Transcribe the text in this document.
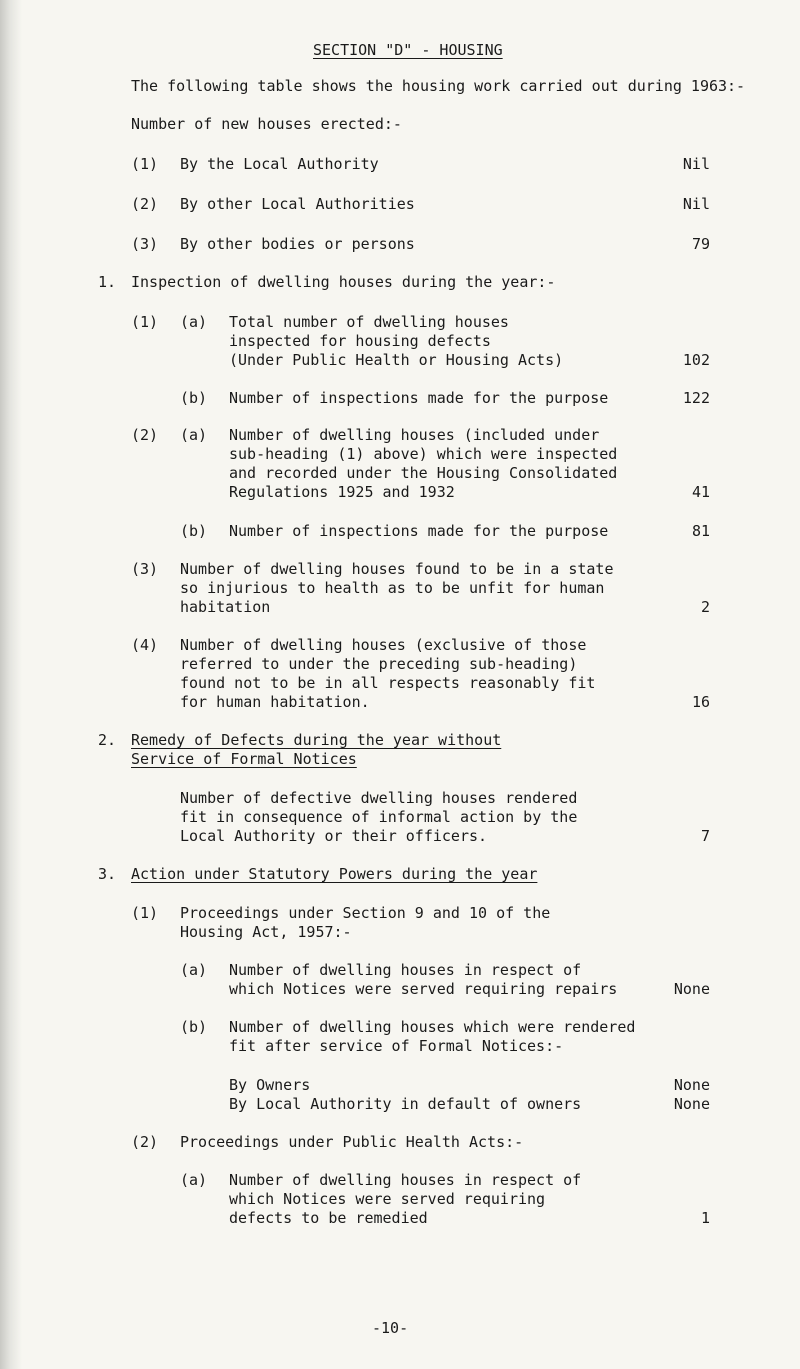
SECTION "D" - HOUSING
The following table shows the housing work carried out during 1963:-
Number of new houses erected:-
(1) By the Local Authority	Nil
(2) By other Local Authorities	Nil
(3) By other bodies or persons	79
1. Inspection of dwelling houses during the year:-
(1) (a) Total number of dwelling houses
inspected for housing defects
(Under Public Health or Housing Acts)	102
(b) Number of inspections made for the purpose	122
(2) (a) Number of dwelling houses (included under
sub-heading (1) above) which were inspected
and recorded under the Housing Consolidated
Regulations 1925 and 1932	41
(b) Number of inspections made for the purpose	81
(3) Number of dwelling houses found to be in a state
so injurious to health as to be unfit for human
habitation	2
(4) Number of dwelling houses (exclusive of those
referred to under the preceding sub-heading)
found not to be in all respects reasonably fit
for human habitation.	16
2. Remedy of Defects during the year without
Service of Formal Notices
Number of defective dwelling houses rendered
fit in consequence of informal action by the
Local Authority or their officers.	7
3. Action under Statutory Powers during the year
(1) Proceedings under Section 9 and 10 of the
Housing Act, 1957:-
(a) Number of dwelling houses in respect of
which Notices were served requiring repairs	None
(b) Number of dwelling houses which were rendered
fit after service of Formal Notices:-
By Owners	None
By Local Authority in default of owners	None
(2) Proceedings under Public Health Acts:-
(a) Number of dwelling houses in respect of
which Notices were served requiring
defects to be remedied	1
-10-
